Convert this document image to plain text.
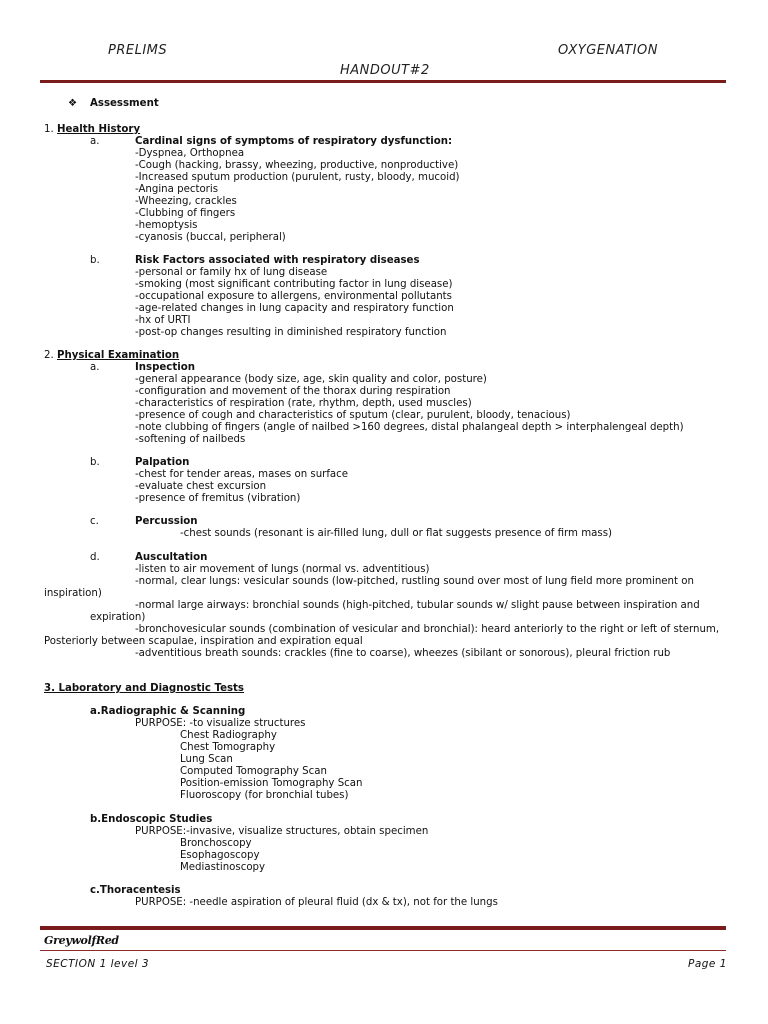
PRELIMS	OXYGENATION
HANDOUT#2
❖ Assessment
1. Health History
a.	Cardinal signs of symptoms of respiratory dysfunction:
-Dyspnea, Orthopnea
-Cough (hacking, brassy, wheezing, productive, nonproductive)
-Increased sputum production (purulent, rusty, bloody, mucoid)
-Angina pectoris
-Wheezing, crackles
-Clubbing of fingers
-hemoptysis
-cyanosis (buccal, peripheral)
b.	Risk Factors associated with respiratory diseases
-personal or family hx of lung disease
-smoking (most significant contributing factor in lung disease)
-occupational exposure to allergens, environmental pollutants
-age-related changes in lung capacity and respiratory function
-hx of URTI
-post-op changes resulting in diminished respiratory function
2. Physical Examination
a.	Inspection
-general appearance (body size, age, skin quality and color, posture)
-configuration and movement of the thorax during respiration
-characteristics of respiration (rate, rhythm, depth, used muscles)
-presence of cough and characteristics of sputum (clear, purulent, bloody, tenacious)
-note clubbing of fingers (angle of nailbed >160 degrees, distal phalangeal depth > interphalengeal depth)
-softening of nailbeds
b.	Palpation
-chest for tender areas, mases on surface
-evaluate chest excursion
-presence of fremitus (vibration)
c.	Percussion
-chest sounds (resonant is air-filled lung, dull or flat suggests presence of firm mass)
d.	Auscultation
-listen to air movement of lungs (normal vs. adventitious)
-normal, clear lungs: vesicular sounds (low-pitched, rustling sound over most of lung field more prominent on
inspiration)
-normal large airways: bronchial sounds (high-pitched, tubular sounds w/ slight pause between inspiration and
expiration)
-bronchovesicular sounds (combination of vesicular and bronchial): heard anteriorly to the right or left of sternum,
Posteriorly between scapulae, inspiration and expiration equal
-adventitious breath sounds: crackles (fine to coarse), wheezes (sibilant or sonorous), pleural friction rub
3. Laboratory and Diagnostic Tests
a.Radiographic & Scanning
PURPOSE: -to visualize structures
Chest Radiography
Chest Tomography
Lung Scan
Computed Tomography Scan
Position-emission Tomography Scan
Fluoroscopy (for bronchial tubes)
b.Endoscopic Studies
PURPOSE:-invasive, visualize structures, obtain specimen
Bronchoscopy
Esophagoscopy
Mediastinoscopy
c.Thoracentesis
PURPOSE: -needle aspiration of pleural fluid (dx & tx), not for the lungs
GreywolfRed
SECTION 1 level 3	Page 1
